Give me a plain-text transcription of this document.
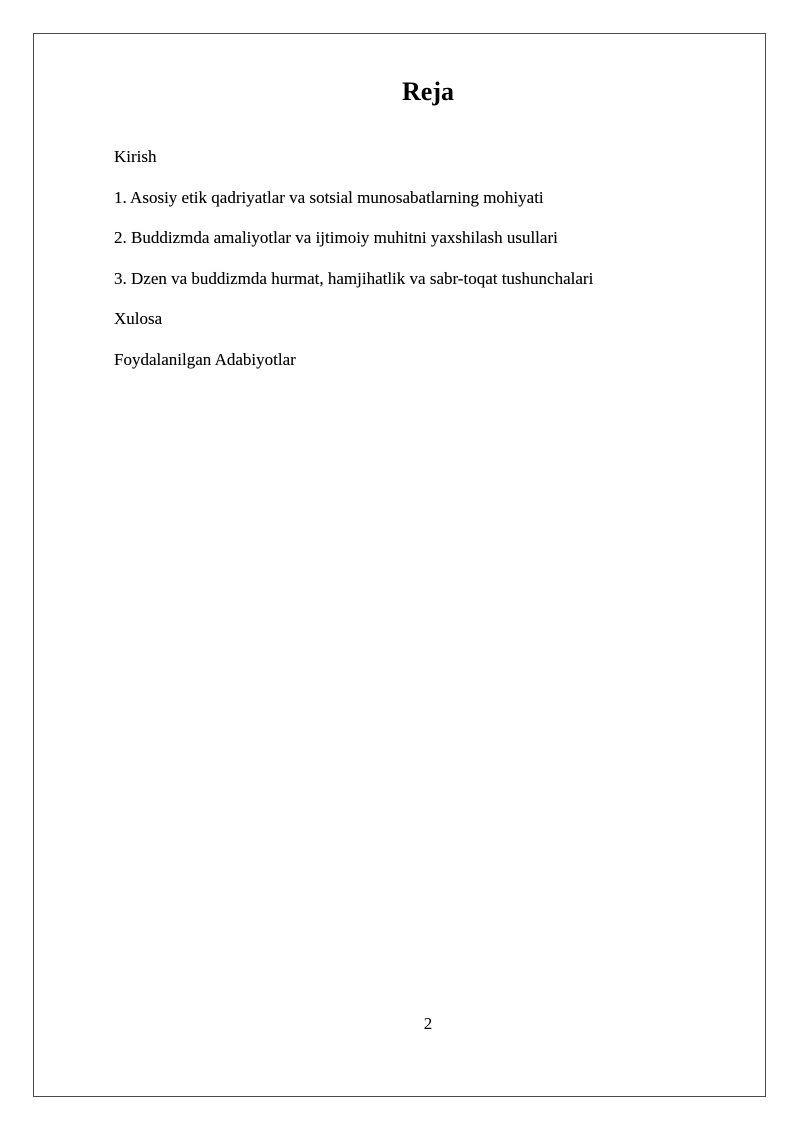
Reja
Kirish
1. Asosiy etik qadriyatlar va sotsial munosabatlarning mohiyati
2. Buddizmda amaliyotlar va ijtimoiy muhitni yaxshilash usullari
3. Dzen va buddizmda hurmat, hamjihatlik va sabr-toqat tushunchalari
Xulosa
Foydalanilgan Adabiyotlar
2
